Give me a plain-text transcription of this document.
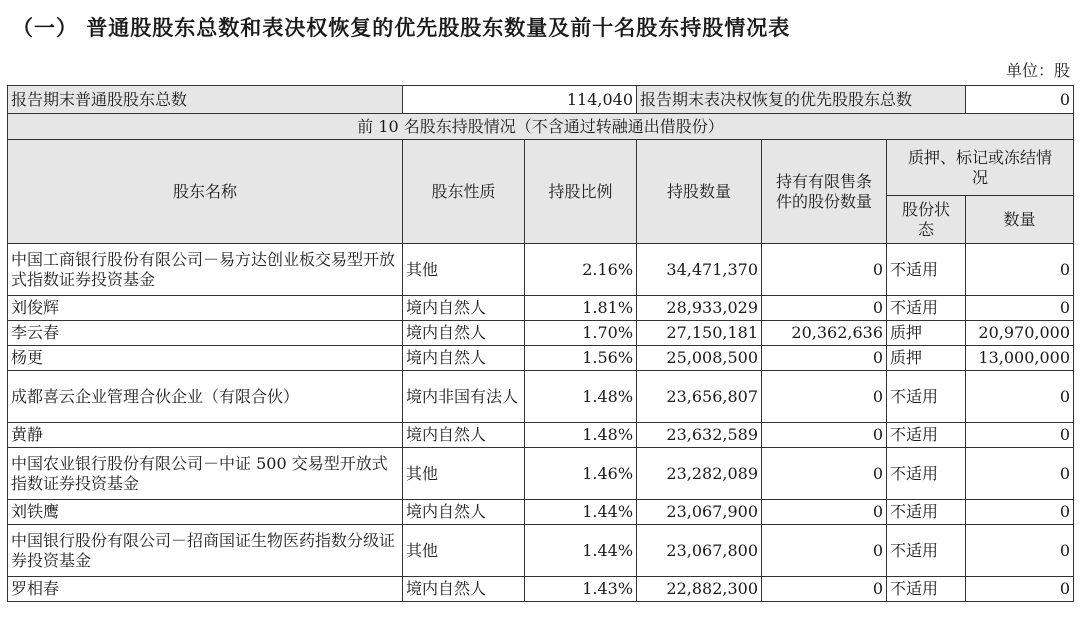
（一） 普通股股东总数和表决权恢复的优先股股东数量及前十名股东持股情况表
单位：股
报告期末普通股股东总数	114,040		报告期末表决权恢复的优先股股东总数			0
前 10 名股东持股情况（不含通过转融通出借股份）						
股东名称	股东性质	持股比例	持股数量	持有有限售条件的股份数量	质押、标记或冻结情况	
					股份状态	数量
中国工商银行股份有限公司－易方达创业板交易型开放式指数证券投资基金	其他	2.16%	34,471,370	0	不适用	0
刘俊辉	境内自然人	1.81%	28,933,029	0	不适用	0
李云春	境内自然人	1.70%	27,150,181	20,362,636	质押	20,970,000
杨更	境内自然人	1.56%	25,008,500	0	质押	13,000,000
成都喜云企业管理合伙企业（有限合伙）	境内非国有法人	1.48%	23,656,807	0	不适用	0
黄静	境内自然人	1.48%	23,632,589	0	不适用	0
中国农业银行股份有限公司－中证 500 交易型开放式指数证券投资基金	其他	1.46%	23,282,089	0	不适用	0
刘铁鹰	境内自然人	1.44%	23,067,900	0	不适用	0
中国银行股份有限公司－招商国证生物医药指数分级证券投资基金	其他	1.44%	23,067,800	0	不适用	0
罗相春	境内自然人	1.43%	22,882,300	0	不适用	0
